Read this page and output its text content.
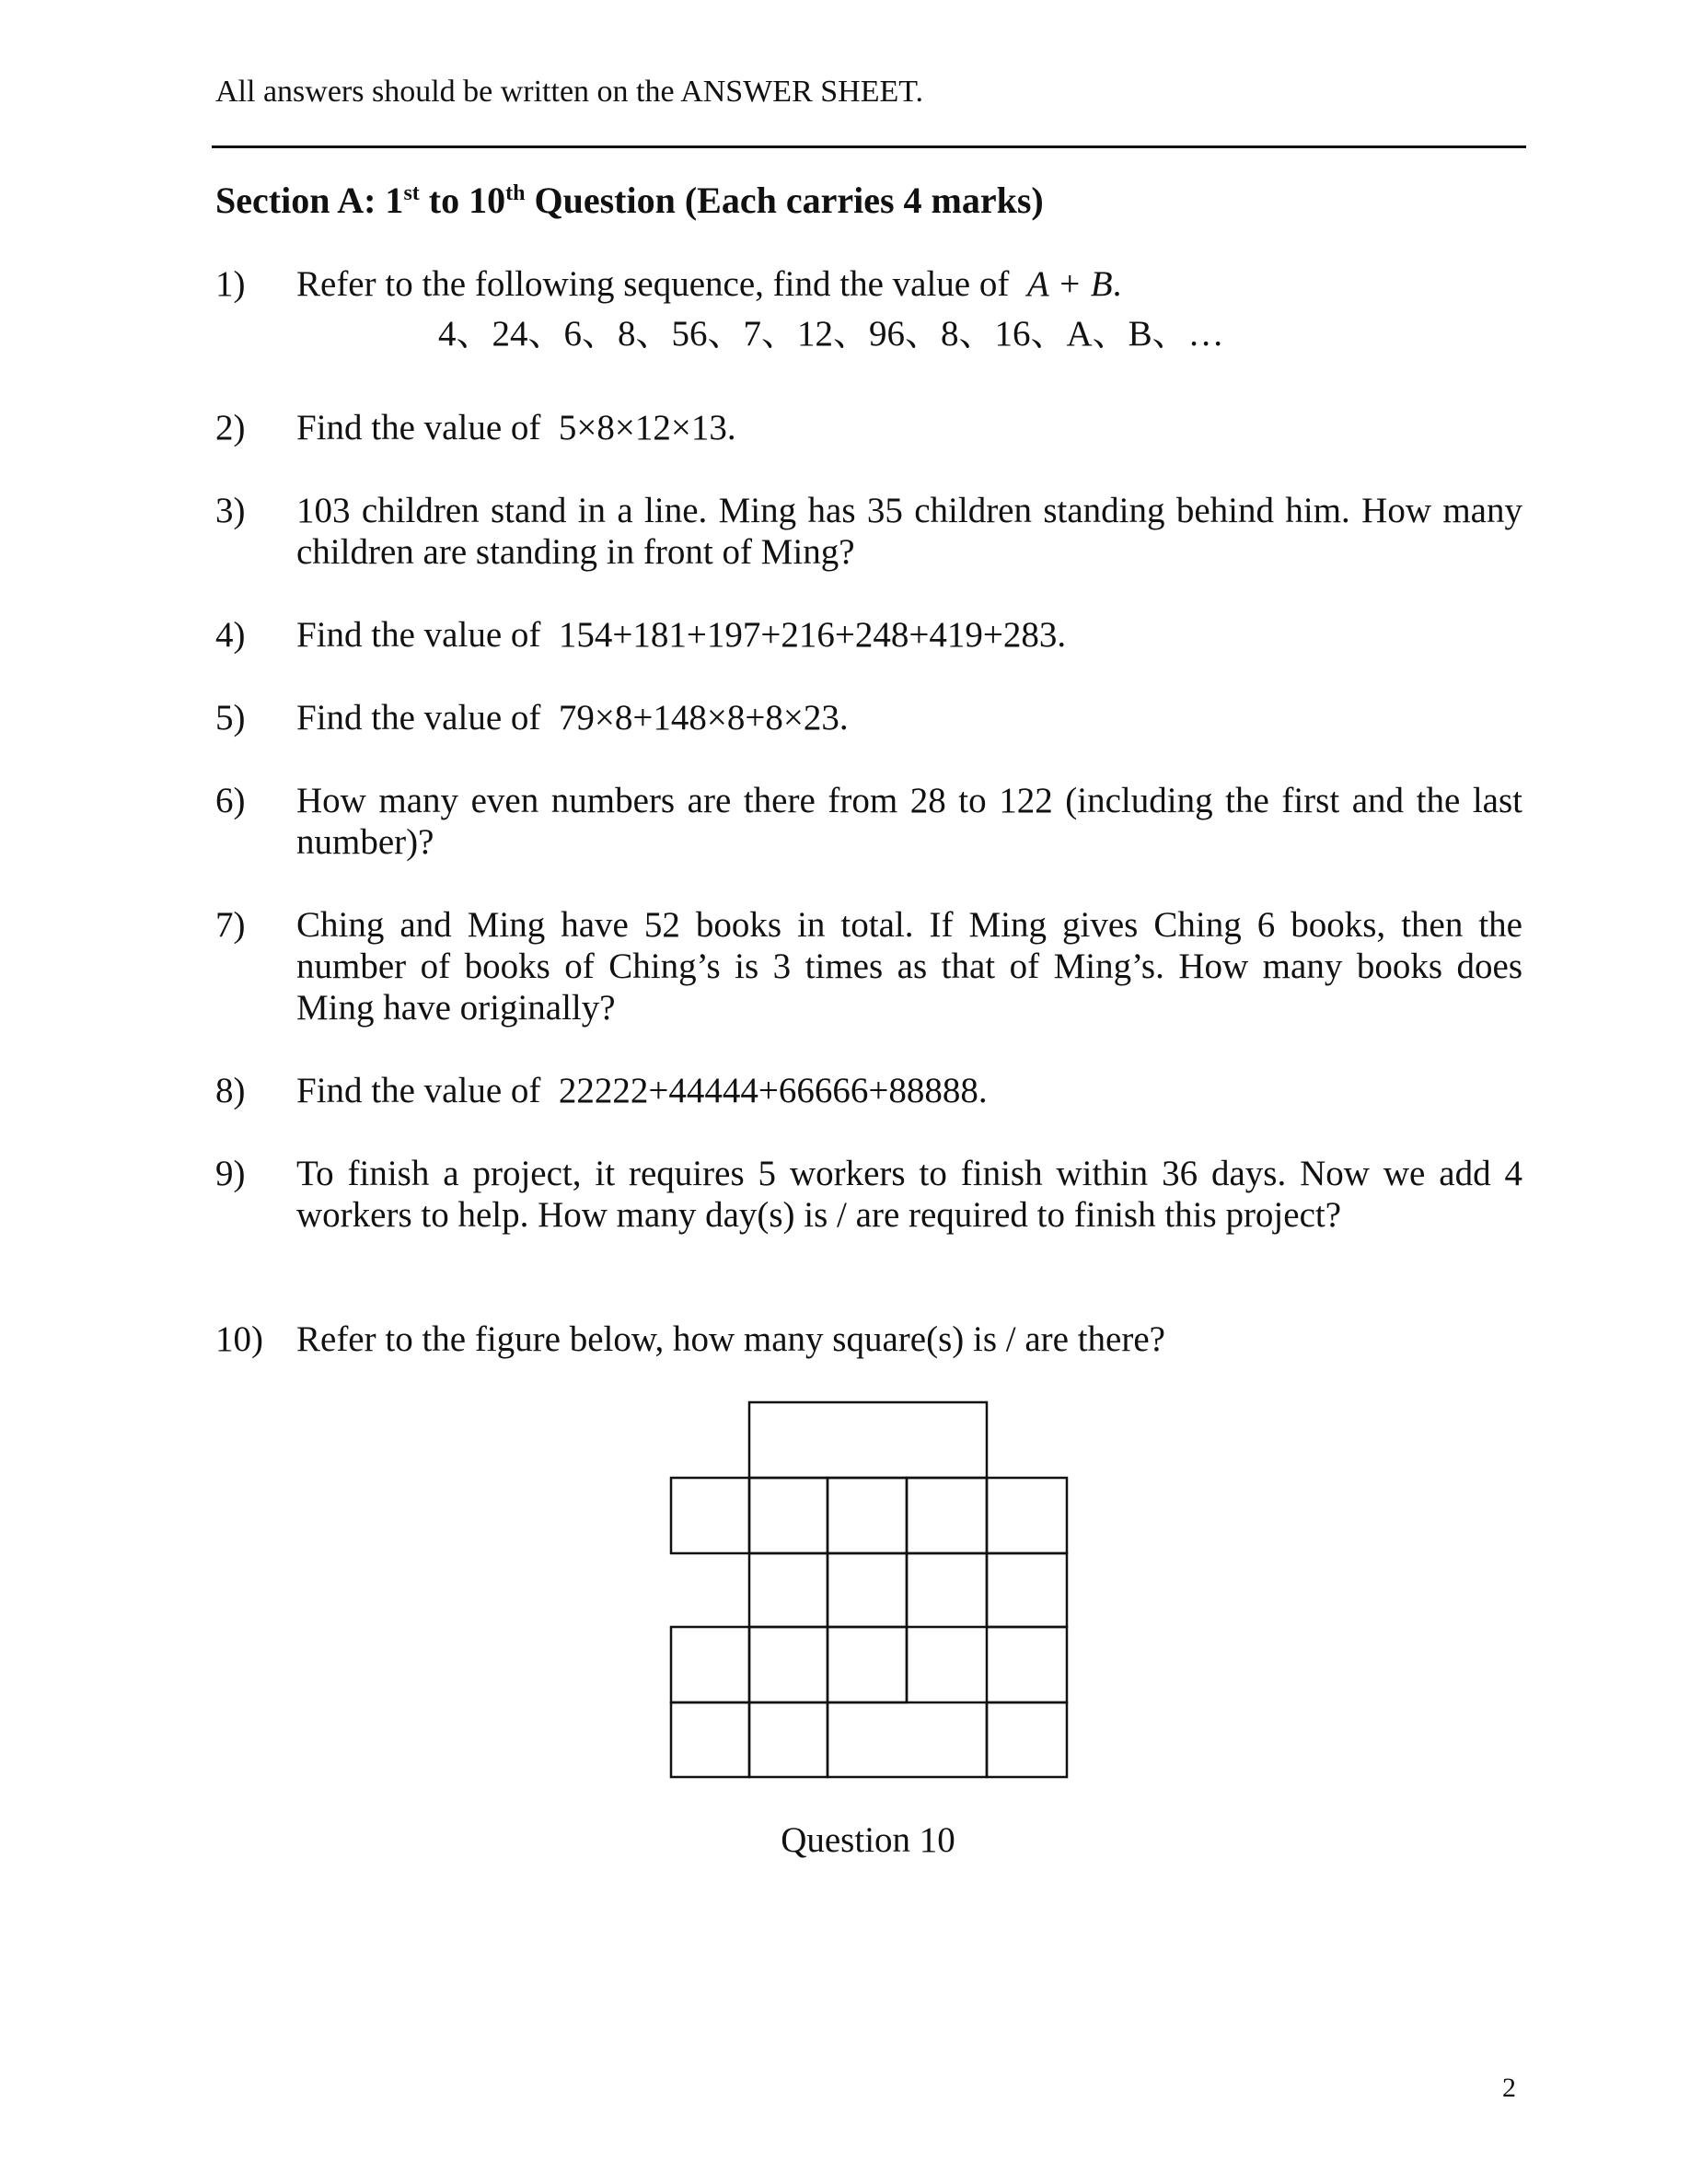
All answers should be written on the ANSWER SHEET.
Section A: 1st to 10th Question (Each carries 4 marks)
1) Refer to the following sequence, find the value of A + B.
4、24、6、8、56、7、12、96、8、16、A、B、…
2) Find the value of 5×8×12×13.
3) 103 children stand in a line. Ming has 35 children standing behind him. How many children are standing in front of Ming?
4) Find the value of 154+181+197+216+248+419+283.
5) Find the value of 79×8+148×8+8×23.
6) How many even numbers are there from 28 to 122 (including the first and the last number)?
7) Ching and Ming have 52 books in total. If Ming gives Ching 6 books, then the number of books of Ching’s is 3 times as that of Ming’s. How many books does Ming have originally?
8) Find the value of 22222+44444+66666+88888.
9) To finish a project, it requires 5 workers to finish within 36 days. Now we add 4 workers to help. How many day(s) is / are required to finish this project?
10) Refer to the figure below, how many square(s) is / are there?
Question 10
2
